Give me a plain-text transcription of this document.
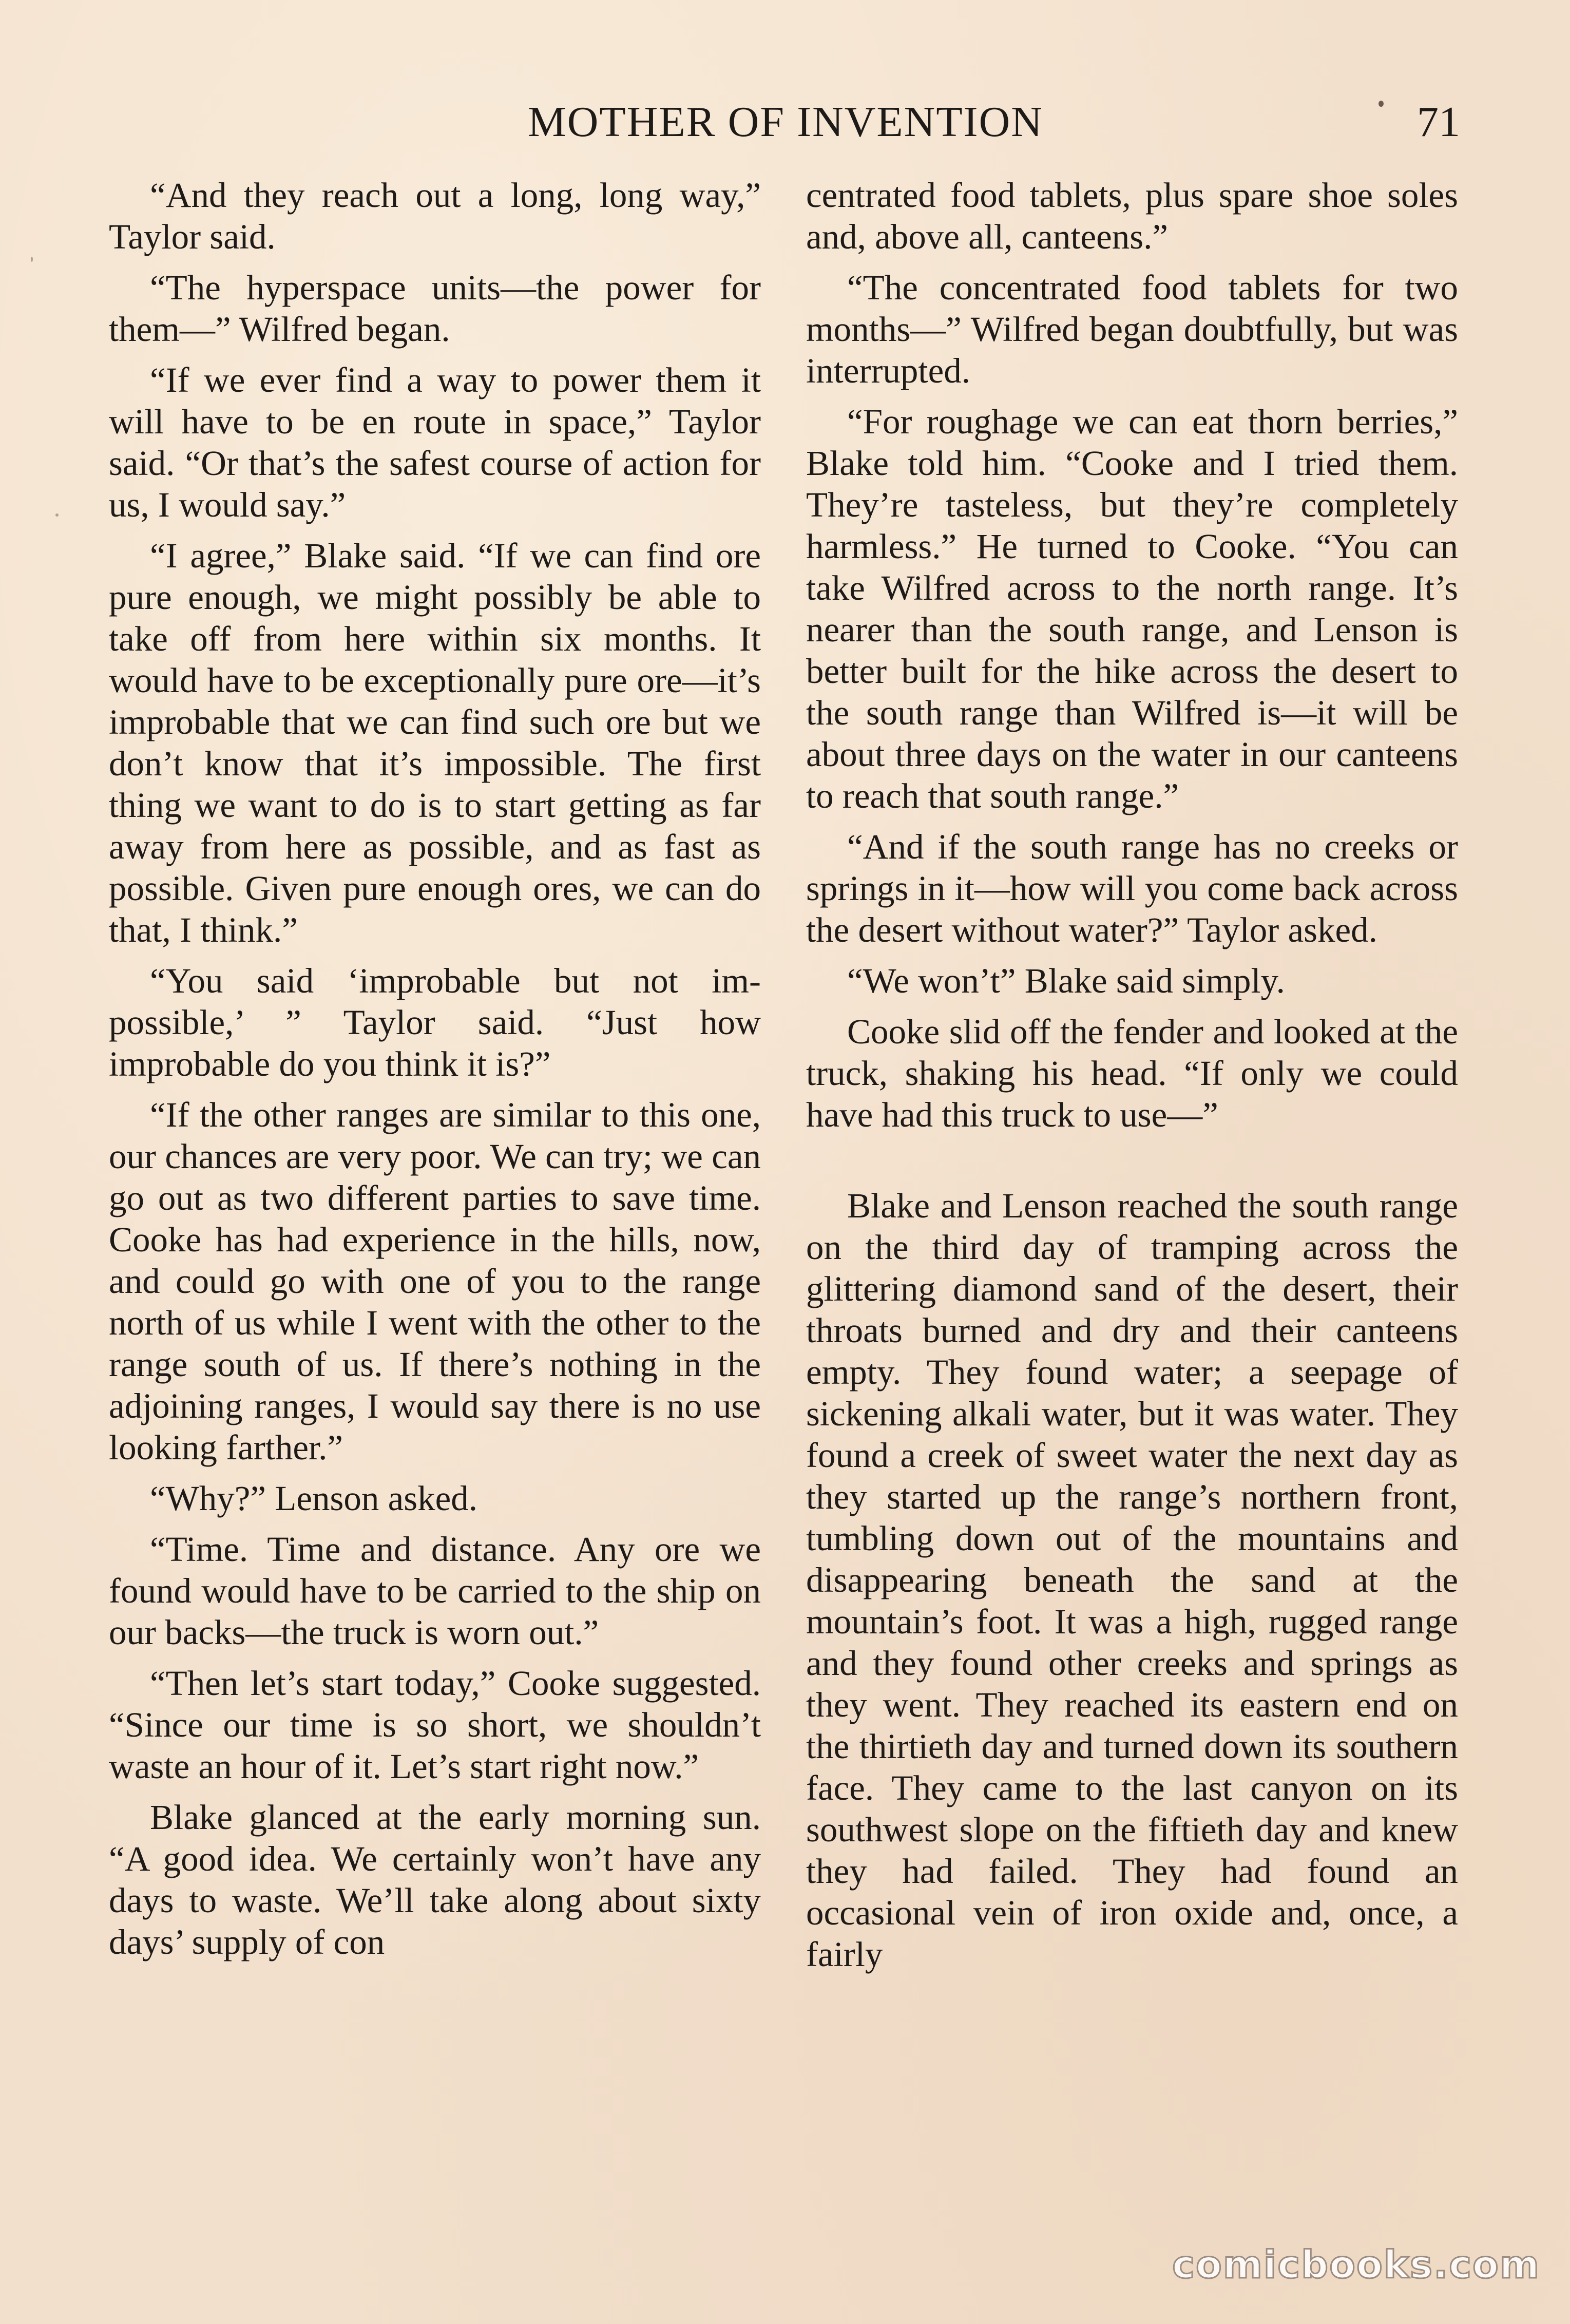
MOTHER OF INVENTION	71

“And they reach out a long, long way,” Taylor said.

“The hyperspace units—the power for them—” Wilfred began.

“If we ever find a way to power them it will have to be en route in space,” Taylor said. “Or that’s the safest course of action for us, I would say.”

“I agree,” Blake said. “If we can find ore pure enough, we might possibly be able to take off from here within six months. It would have to be exceptionally pure ore—it’s improbable that we can find such ore but we don’t know that it’s impossible. The first thing we want to do is to start getting as far away from here as possible, and as fast as possible. Given pure enough ores, we can do that, I think.”

“You said ‘improbable but not impossible,’ ” Taylor said. “Just how improbable do you think it is?”

“If the other ranges are similar to this one, our chances are very poor. We can try; we can go out as two different parties to save time. Cooke has had experience in the hills, now, and could go with one of you to the range north of us while I went with the other to the range south of us. If there’s nothing in the adjoining ranges, I would say there is no use looking farther.”

“Why?” Lenson asked.

“Time. Time and distance. Any ore we found would have to be carried to the ship on our backs—the truck is worn out.”

“Then let’s start today,” Cooke suggested. “Since our time is so short, we shouldn’t waste an hour of it. Let’s start right now.”

Blake glanced at the early morning sun. “A good idea. We certainly won’t have any days to waste. We’ll take along about sixty days’ supply of con

centrated food tablets, plus spare shoe soles and, above all, canteens.”

“The concentrated food tablets for two months—” Wilfred began doubtfully, but was interrupted.

“For roughage we can eat thorn berries,” Blake told him. “Cooke and I tried them. They’re tasteless, but they’re completely harmless.” He turned to Cooke. “You can take Wilfred across to the north range. It’s nearer than the south range, and Lenson is better built for the hike across the desert to the south range than Wilfred is—it will be about three days on the water in our canteens to reach that south range.”

“And if the south range has no creeks or springs in it—how will you come back across the desert without water?” Taylor asked.

“We won’t” Blake said simply.

Cooke slid off the fender and looked at the truck, shaking his head. “If only we could have had this truck to use—”

Blake and Lenson reached the south range on the third day of tramping across the glittering diamond sand of the desert, their throats burned and dry and their canteens empty. They found water; a seepage of sickening alkali water, but it was water. They found a creek of sweet water the next day as they started up the range’s northern front, tumbling down out of the mountains and disappearing beneath the sand at the mountain’s foot. It was a high, rugged range and they found other creeks and springs as they went. They reached its eastern end on the thirtieth day and turned down its southern face. They came to the last canyon on its southwest slope on the fiftieth day and knew they had failed. They had found an occasional vein of iron oxide and, once, a fairly

comicbooks.com
